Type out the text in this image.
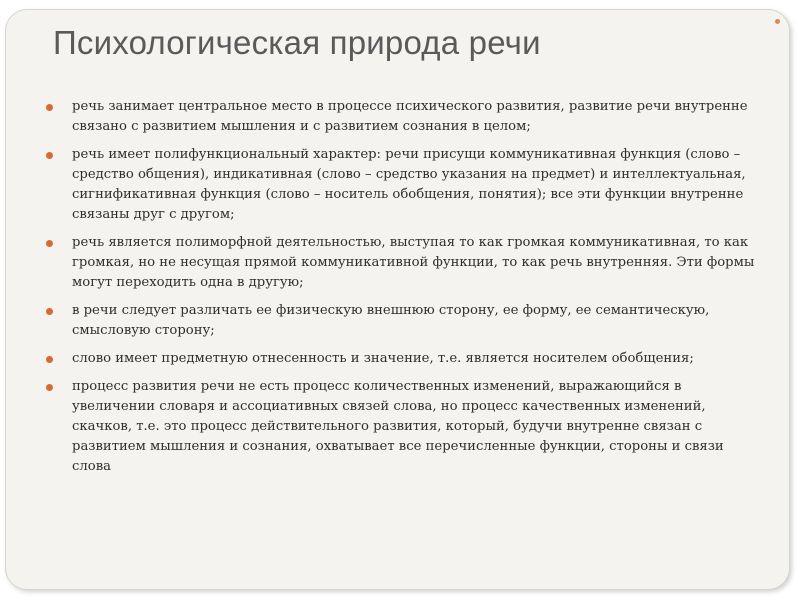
Психологическая природа речи
речь занимает центральное место в процессе психического развития, развитие речи внутренне связано с развитием мышления и с развитием сознания в целом;
речь имеет полифункциональный характер: речи присущи коммуникативная функция (слово – средство общения), индикативная (слово – средство указания на предмет) и интеллектуальная, сигнификативная функция (слово – носитель обобщения, понятия); все эти функции внутренне связаны друг с другом;
речь является полиморфной деятельностью, выступая то как громкая коммуникативная, то как громкая, но не несущая прямой коммуникативной функции, то как речь внутренняя. Эти формы могут переходить одна в другую;
в речи следует различать ее физическую внешнюю сторону, ее форму, ее семантическую, смысловую сторону;
слово имеет предметную отнесенность и значение, т.е. является носителем обобщения;
процесс развития речи не есть процесс количественных изменений, выражающийся в увеличении словаря и ассоциативных связей слова, но процесс качественных изменений, скачков, т.е. это процесс действительного развития, который, будучи внутренне связан с развитием мышления и сознания, охватывает все перечисленные функции, стороны и связи слова
